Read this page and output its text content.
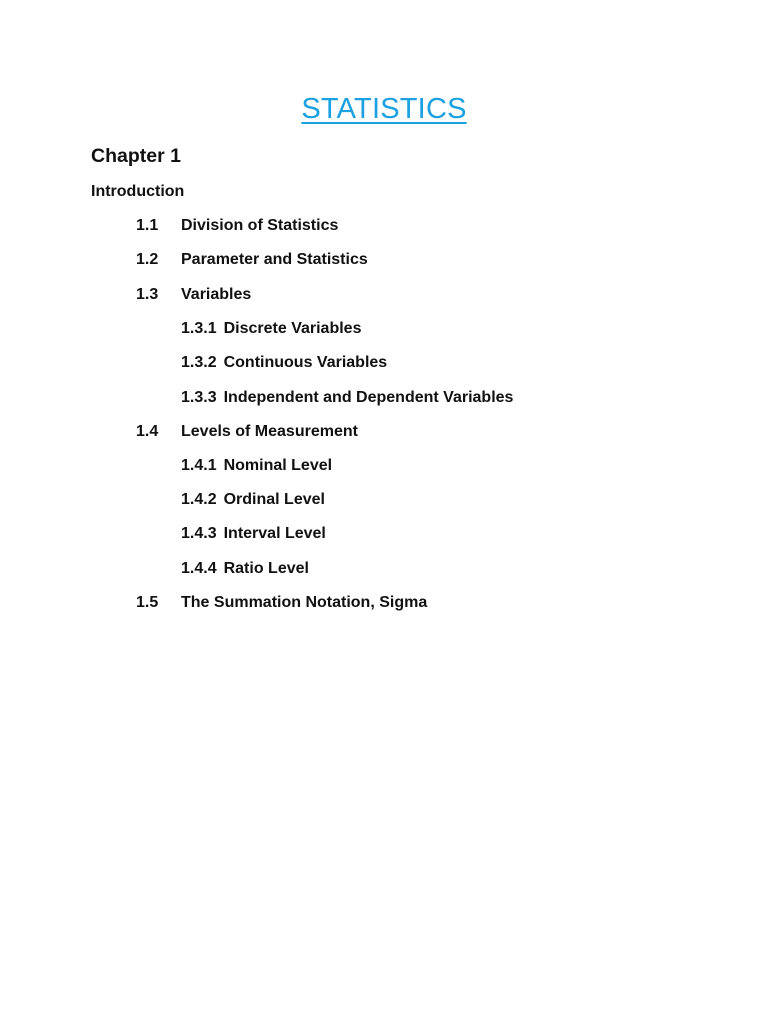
STATISTICS
Chapter 1
Introduction
1.1 Division of Statistics
1.2 Parameter and Statistics
1.3 Variables
1.3.1 Discrete Variables
1.3.2 Continuous Variables
1.3.3 Independent and Dependent Variables
1.4 Levels of Measurement
1.4.1 Nominal Level
1.4.2 Ordinal Level
1.4.3 Interval Level
1.4.4 Ratio Level
1.5 The Summation Notation, Sigma
